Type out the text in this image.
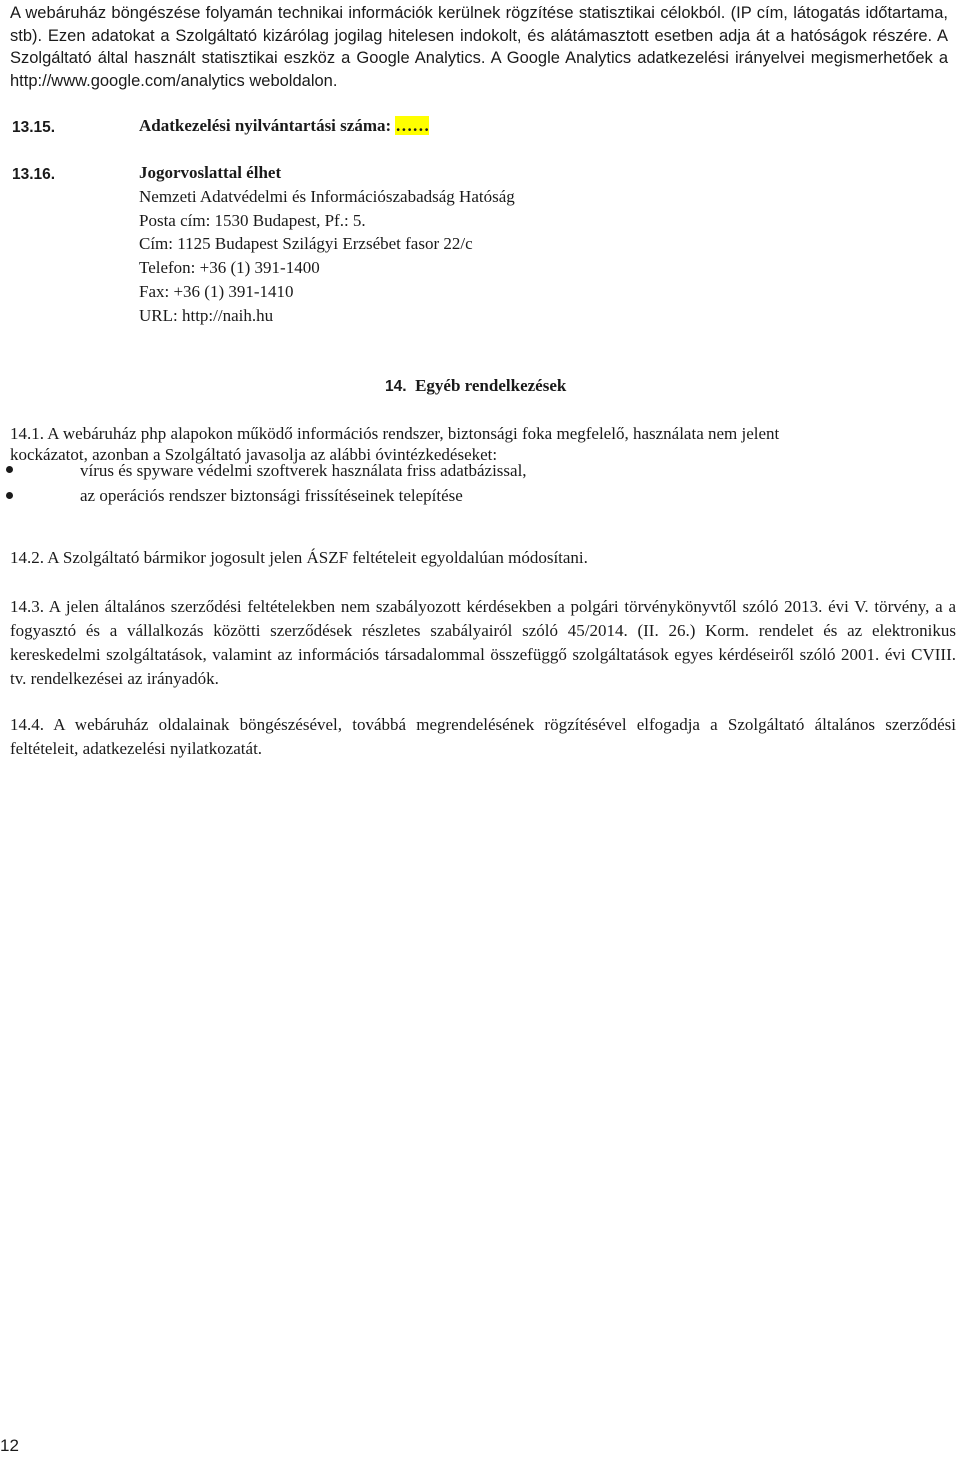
A webáruház böngészése folyamán technikai információk kerülnek rögzítése statisztikai célokból. (IP cím, látogatás időtartama, stb). Ezen adatokat a Szolgáltató kizárólag jogilag hitelesen indokolt, és alátámasztott esetben adja át a hatóságok részére. A Szolgáltató által használt statisztikai eszköz a Google Analytics. A Google Analytics adatkezelési irányelvei megismerhetőek a http://www.google.com/analytics weboldalon.

13.15.	Adatkezelési nyilvántartási száma: ……
13.16.	Jogorvoslattal élhet
Nemzeti Adatvédelmi és Információszabadság Hatóság
Posta cím: 1530 Budapest, Pf.: 5.
Cím: 1125 Budapest Szilágyi Erzsébet fasor 22/c
Telefon: +36 (1) 391-1400
Fax: +36 (1) 391-1410
URL: http://naih.hu
14. Egyéb rendelkezések
14.1. A webáruház php alapokon működő információs rendszer, biztonsági foka megfelelő, használata nem jelent
kockázatot, azonban a Szolgáltató javasolja az alábbi óvintézkedéseket:
vírus és spyware védelmi szoftverek használata friss adatbázissal,
az operációs rendszer biztonsági frissítéseinek telepítése
14.2. A Szolgáltató bármikor jogosult jelen ÁSZF feltételeit egyoldalúan módosítani.

14.3. A jelen általános szerződési feltételekben nem szabályozott kérdésekben a polgári törvénykönyvtől szóló 2013. évi V. törvény, a a fogyasztó és a vállalkozás közötti szerződések részletes szabályairól szóló 45/2014. (II. 26.) Korm. rendelet és az elektronikus kereskedelmi szolgáltatások, valamint az információs társadalommal összefüggő szolgáltatások egyes kérdéseiről szóló 2001. évi CVIII. tv. rendelkezései az irányadók.

14.4. A webáruház oldalainak böngészésével, továbbá megrendelésének rögzítésével elfogadja a Szolgáltató általános szerződési feltételeit, adatkezelési nyilatkozatát.

12
